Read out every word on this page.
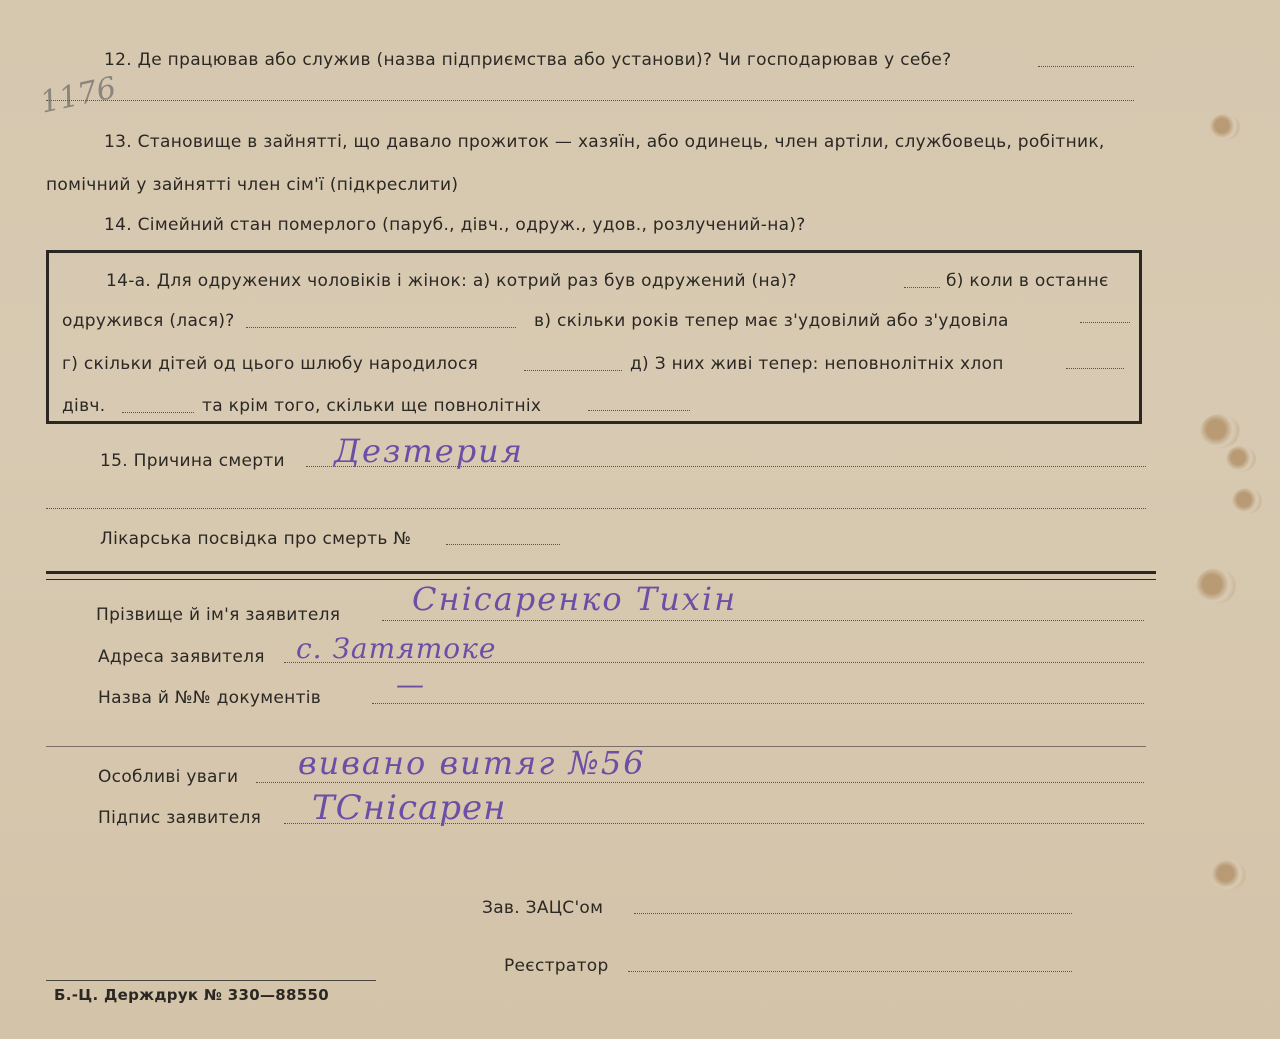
1176
12. Де працював або служив (назва підприємства або установи)? Чи господарював у себе?
13. Становище в зайнятті, що давало прожиток — хазяїн, або одинець, член артіли, службовець, робітник,
помічний у зайнятті член сім'ї (підкреслити)
14. Сімейний стан померлого (паруб., дівч., одруж., удов., розлучений-на)?
14-а. Для одружених чоловіків і жінок: а) котрий раз був одружений (на)?	б) коли в останнє
одружився (лася)?	в) скільки років тепер має з'удовілий або з'удовіла
г) скільки дітей од цього шлюбу народилося	д) З них живі тепер: неповнолітніх хлоп
дівч.	та крім того, скільки ще повнолітніх
15. Причина смерти Дезтерия
Лікарська посвідка про смерть №
Прізвище й ім'я заявителя Снісаренко Тихін
Адреса заявителя с. Затятоке
Назва й №№ документів	—
Особливі уваги вивано витяг №56
Підпис заявителя ТСнісарен
Зав. ЗАЦС'ом
Реєстратор
Б.-Ц. Держдрук № 330—88550
